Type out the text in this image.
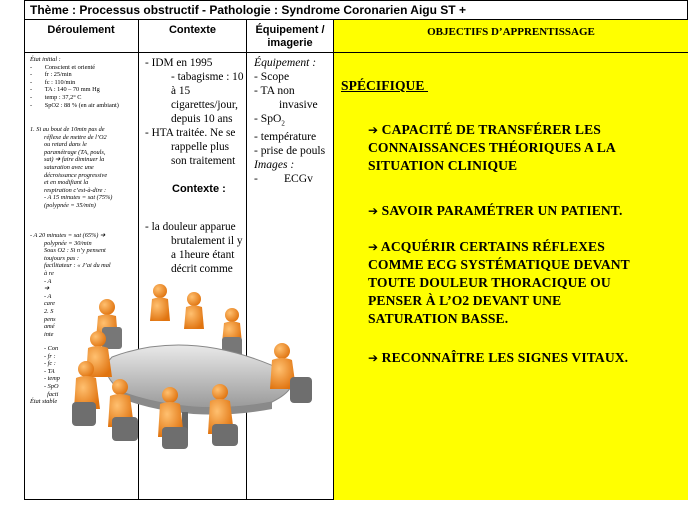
Thème : Processus obstructif - Pathologie : Syndrome Coronarien Aigu ST +
Déroulement	Contexte	Équipement /
imagerie
OBJECTIFS D’APPRENTISSAGE
État initial :
-        Conscient et orienté
-        fr : 25/min
-        fc : 110/min
-        TA : 140 – 70 mm Hg
-        temp : 37,2° C
-        SpO2 : 88 % (en air ambiant)
1. Si au bout de 10min pas de
réflexe de mettre de l’O2
ou retard dans le
paramétrage (TA, pouls,
sat) ➔ faire diminuer la
saturation avec une
décroissance progressive
et en modifiant la
respiration c’est-à-dire :
- A 15 minutes = sat (75%)
(polypnée = 35/min)
- A 20 minutes = sat (65%) ➔
polypnée = 30/min
Sous O2 : Si n’y pensent
toujours pas :
facilitateur : « J’ai du mal
à re
- A
➔
- A
care
2. S
pens
amé
inte
- Con
- fr :
- fc :
- TA
- temp
- SpO
facti
État stable
- IDM en 1995
- tabagisme : 10
à 15
cigarettes/jour,
depuis 10 ans
- HTA traitée. Ne se
rappelle plus
son traitement
Contexte :
- la douleur apparue
brutalement il y
a 1heure étant
décrit comme
Équipement :
- Scope
- TA non
invasive
- SpO$_2$
- température
- prise de pouls
Images :
-         ECGv
SPÉCIFIQUE
➔ CAPACITÉ DE TRANSFÉRER LES
CONNAISSANCES THÉORIQUES A LA
SITUATION CLINIQUE
➔ SAVOIR PARAMÉTRER UN PATIENT.
➔ ACQUÉRIR CERTAINS RÉFLEXES
COMME ECG SYSTÉMATIQUE DEVANT
TOUTE DOULEUR THORACIQUE OU
PENSER À L’O2 DEVANT UNE
SATURATION BASSE.
➔ RECONNAÎTRE LES SIGNES VITAUX.
